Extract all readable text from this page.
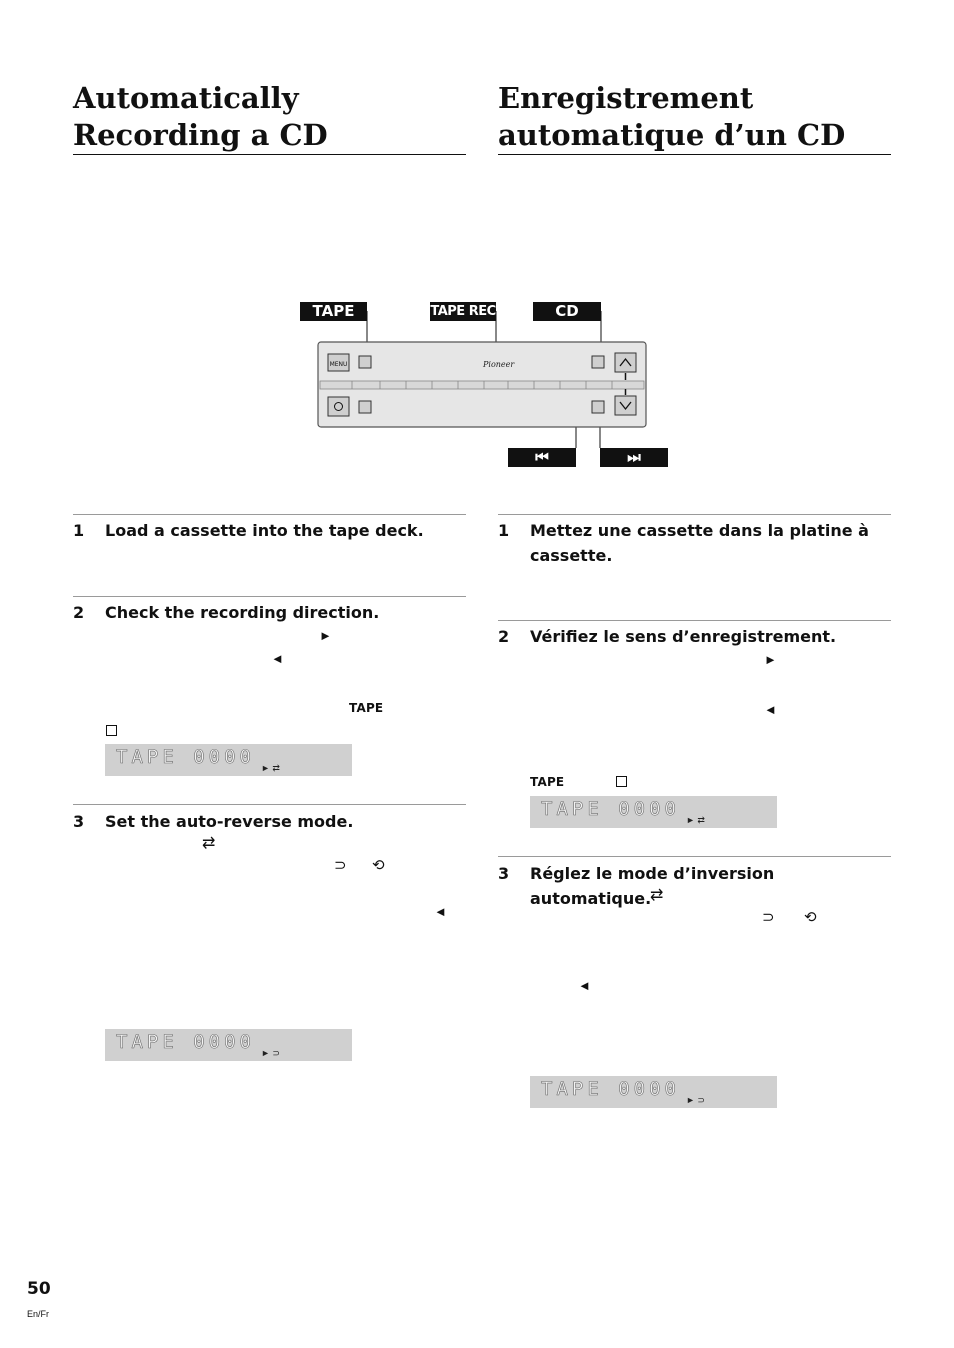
Automatically Recording a CD
Enregistrement automatique d’un CD
TAPE	TAPE REC	CD
⏮	⏭
MENU	Pioneer
1 Load a cassette into the tape deck.
2 Check the recording direction.
►
◄
TAPE
TAPE 0000 ► ⇄
3 Set the auto-reverse mode.
⇄
⊃ ⟲
◄
TAPE 0000 ► ⊃
1 Mettez une cassette dans la platine à
cassette.
2 Vérifiez le sens d’enregistrement.
►
◄
TAPE
TAPE 0000 ► ⇄
3 Réglez le mode d’inversion automatique.
⇄
⊃ ⟲
◄
TAPE 0000 ► ⊃
50
En/Fr
